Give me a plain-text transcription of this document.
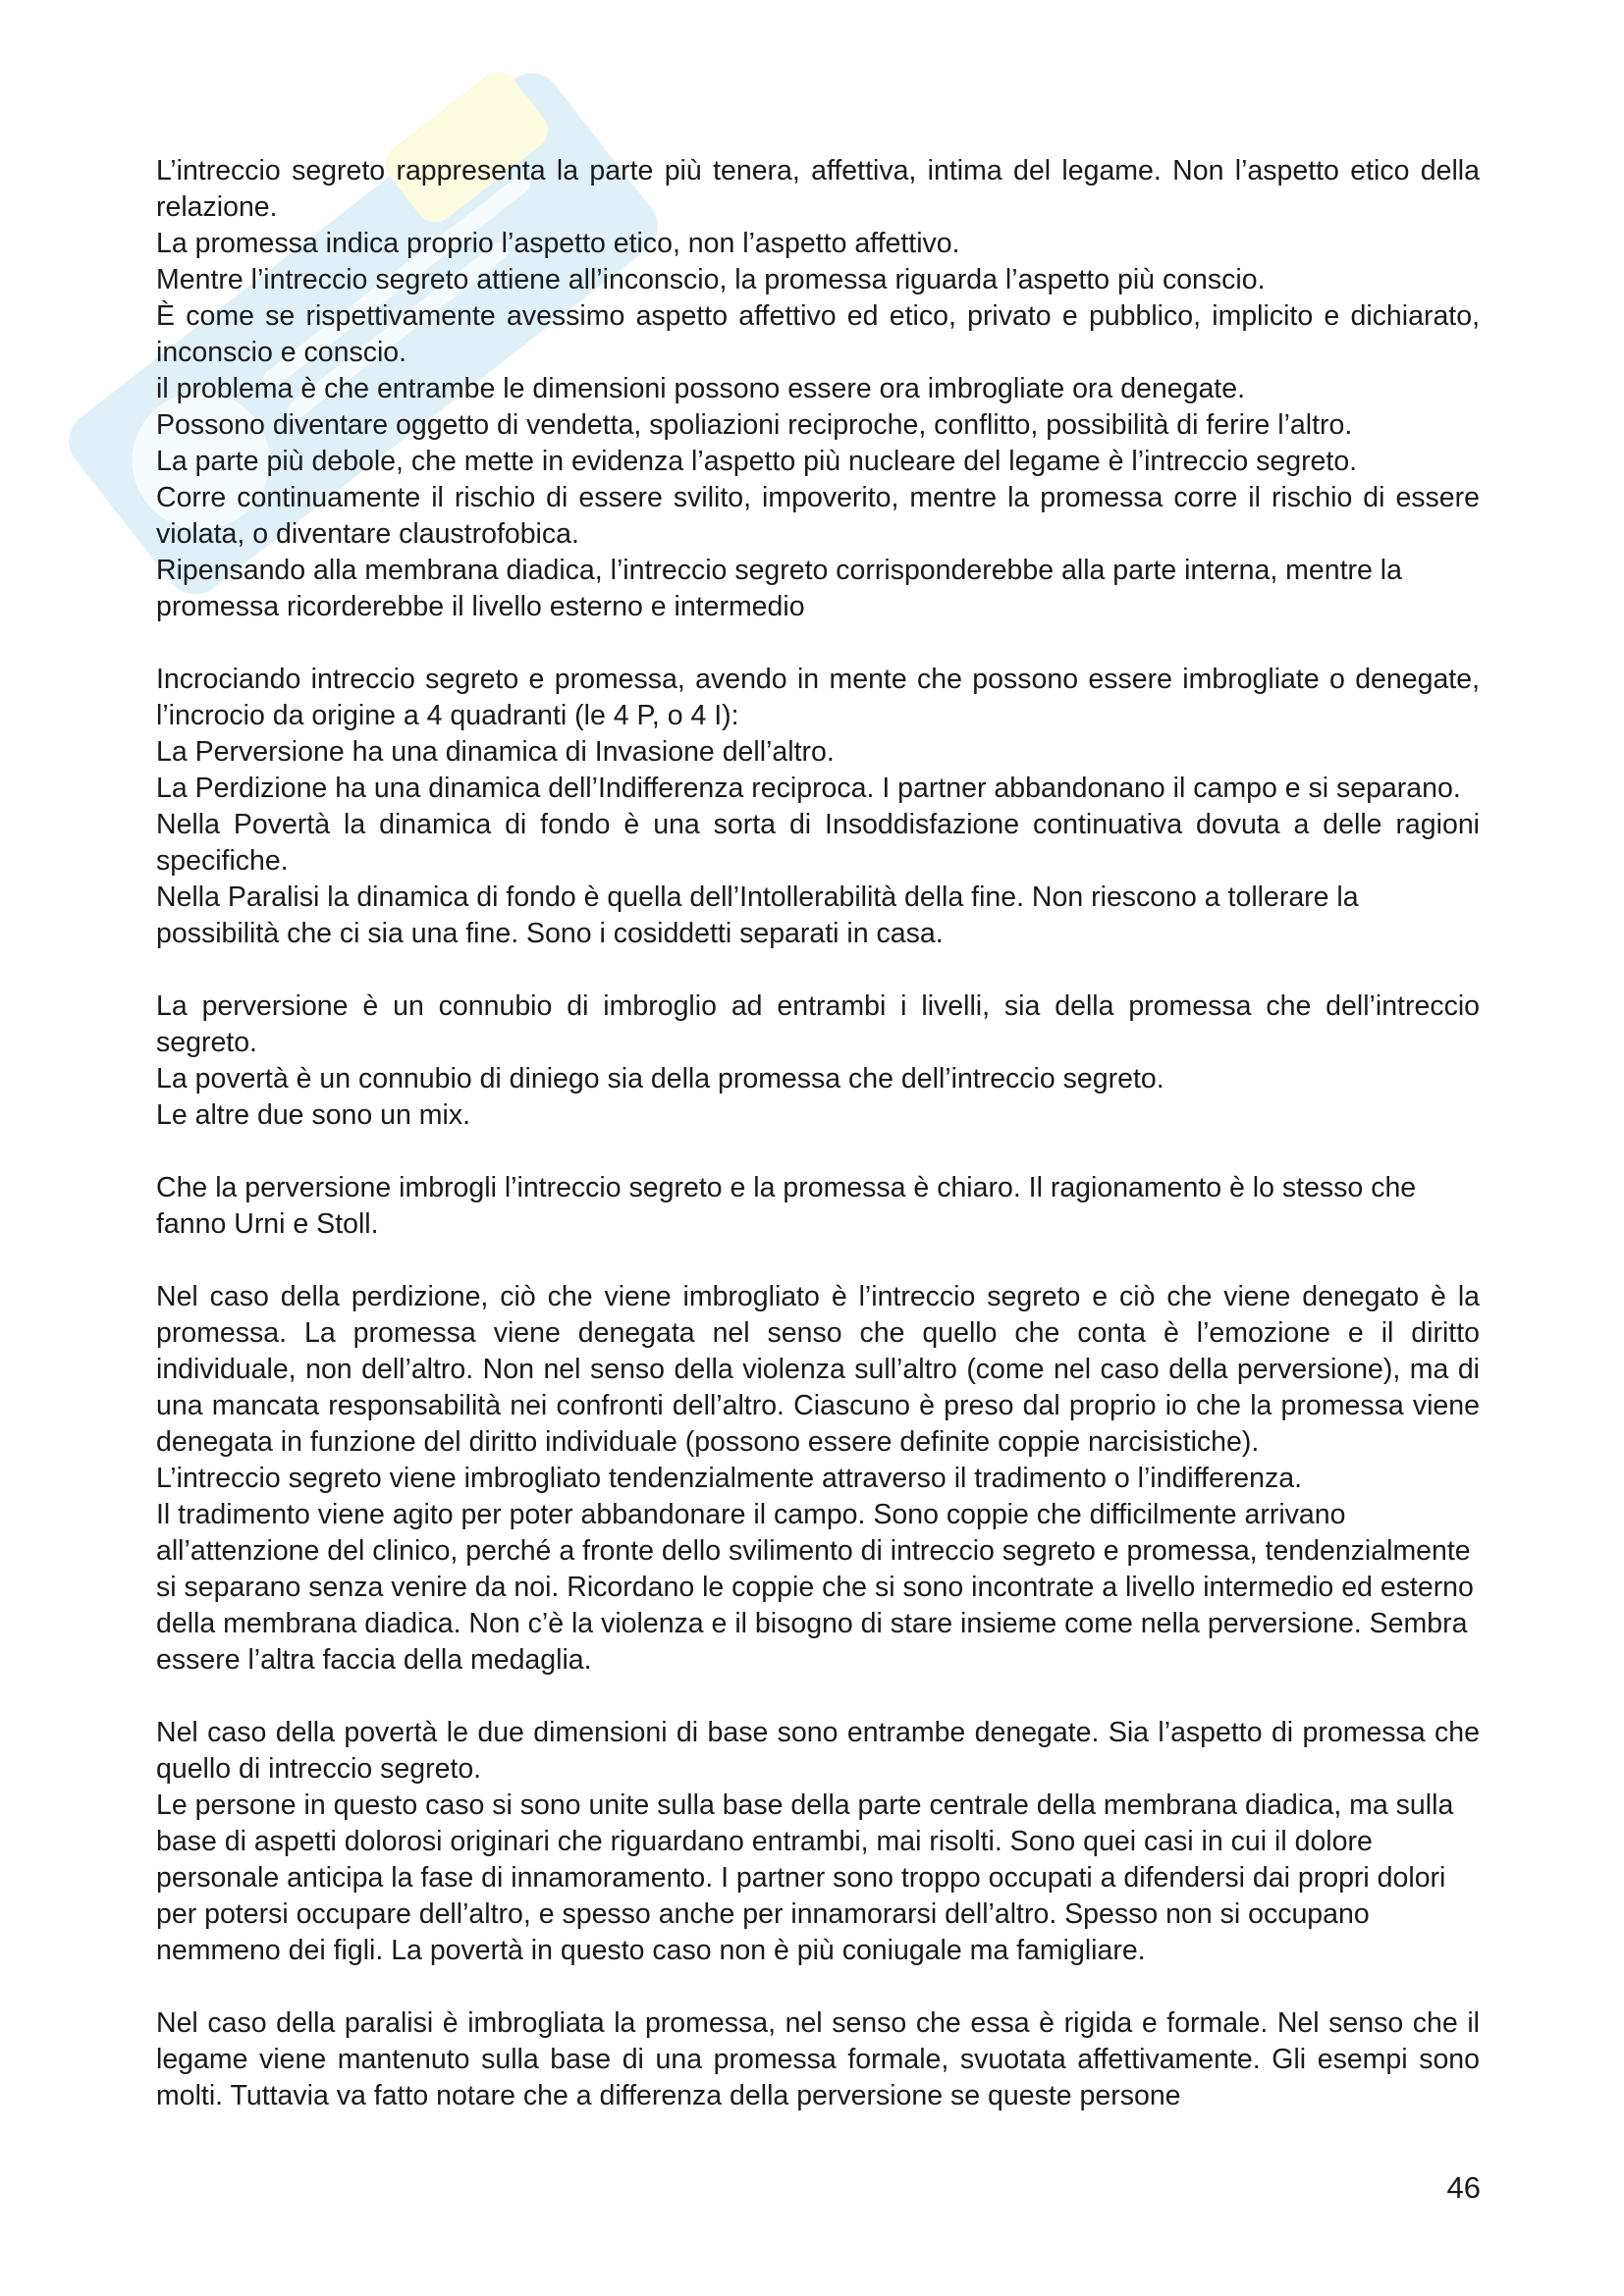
L’intreccio segreto rappresenta la parte più tenera, affettiva, intima del legame. Non l’aspetto etico della relazione.
La promessa indica proprio l’aspetto etico, non l’aspetto affettivo.
Mentre l’intreccio segreto attiene all’inconscio, la promessa riguarda l’aspetto più conscio.
È come se rispettivamente avessimo aspetto affettivo ed etico, privato e pubblico, implicito e dichiarato, inconscio e conscio.
il problema è che entrambe le dimensioni possono essere ora imbrogliate ora denegate.
Possono diventare oggetto di vendetta, spoliazioni reciproche, conflitto, possibilità di ferire l’altro.
La parte più debole, che mette in evidenza l’aspetto più nucleare del legame è l’intreccio segreto.
Corre continuamente il rischio di essere svilito, impoverito, mentre la promessa corre il rischio di essere violata, o diventare claustrofobica.
Ripensando alla membrana diadica, l’intreccio segreto corrisponderebbe alla parte interna, mentre la promessa ricorderebbe il livello esterno e intermedio
Incrociando intreccio segreto e promessa, avendo in mente che possono essere imbrogliate o denegate, l’incrocio da origine a 4 quadranti (le 4 P, o 4 I):
La Perversione ha una dinamica di Invasione dell’altro.
La Perdizione ha una dinamica dell’Indifferenza reciproca. I partner abbandonano il campo e si separano.
Nella Povertà la dinamica di fondo è una sorta di Insoddisfazione continuativa dovuta a delle ragioni specifiche.
Nella Paralisi la dinamica di fondo è quella dell’Intollerabilità della fine. Non riescono a tollerare la possibilità che ci sia una fine. Sono i cosiddetti separati in casa.
La perversione è un connubio di imbroglio ad entrambi i livelli, sia della promessa che dell’intreccio segreto.
La povertà è un connubio di diniego sia della promessa che dell’intreccio segreto.
Le altre due sono un mix.
Che la perversione imbrogli l’intreccio segreto e la promessa è chiaro. Il ragionamento è lo stesso che fanno Urni e Stoll.
Nel caso della perdizione, ciò che viene imbrogliato è l’intreccio segreto e ciò che viene denegato è la promessa. La promessa viene denegata nel senso che quello che conta è l’emozione e il diritto individuale, non dell’altro. Non nel senso della violenza sull’altro (come nel caso della perversione), ma di una mancata responsabilità nei confronti dell’altro. Ciascuno è preso dal proprio io che la promessa viene denegata in funzione del diritto individuale (possono essere definite coppie narcisistiche).
L’intreccio segreto viene imbrogliato tendenzialmente attraverso il tradimento o l’indifferenza.
Il tradimento viene agito per poter abbandonare il campo. Sono coppie che difficilmente arrivano all’attenzione del clinico, perché a fronte dello svilimento di intreccio segreto e promessa, tendenzialmente si separano senza venire da noi. Ricordano le coppie che si sono incontrate a livello intermedio ed esterno della membrana diadica. Non c’è la violenza e il bisogno di stare insieme come nella perversione. Sembra essere l’altra faccia della medaglia.
Nel caso della povertà le due dimensioni di base sono entrambe denegate. Sia l’aspetto di promessa che quello di intreccio segreto.
Le persone in questo caso si sono unite sulla base della parte centrale della membrana diadica, ma sulla base di aspetti dolorosi originari che riguardano entrambi, mai risolti. Sono quei casi in cui il dolore personale anticipa la fase di innamoramento. I partner sono troppo occupati a difendersi dai propri dolori per potersi occupare dell’altro, e spesso anche per innamorarsi dell’altro. Spesso non si occupano nemmeno dei figli. La povertà in questo caso non è più coniugale ma famigliare.
Nel caso della paralisi è imbrogliata la promessa, nel senso che essa è rigida e formale. Nel senso che il legame viene mantenuto sulla base di una promessa formale, svuotata affettivamente. Gli esempi sono molti. Tuttavia va fatto notare che a differenza della perversione se queste persone
46
